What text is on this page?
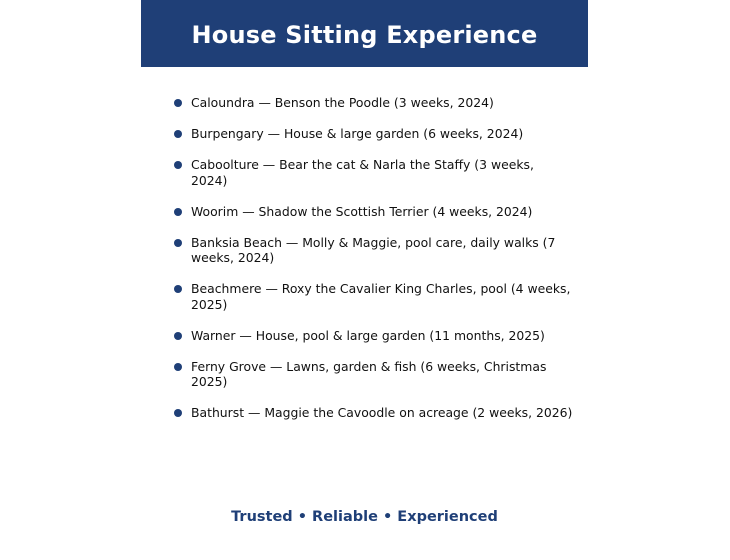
House Sitting Experience
Caloundra — Benson the Poodle (3 weeks, 2024)
Burpengary — House & large garden (6 weeks, 2024)
Caboolture — Bear the cat & Narla the Staffy (3 weeks, 2024)
Woorim — Shadow the Scottish Terrier (4 weeks, 2024)
Banksia Beach — Molly & Maggie, pool care, daily walks (7 weeks, 2024)
Beachmere — Roxy the Cavalier King Charles, pool (4 weeks, 2025)
Warner — House, pool & large garden (11 months, 2025)
Ferny Grove — Lawns, garden & fish (6 weeks, Christmas 2025)
Bathurst — Maggie the Cavoodle on acreage (2 weeks, 2026)
Trusted • Reliable • Experienced
